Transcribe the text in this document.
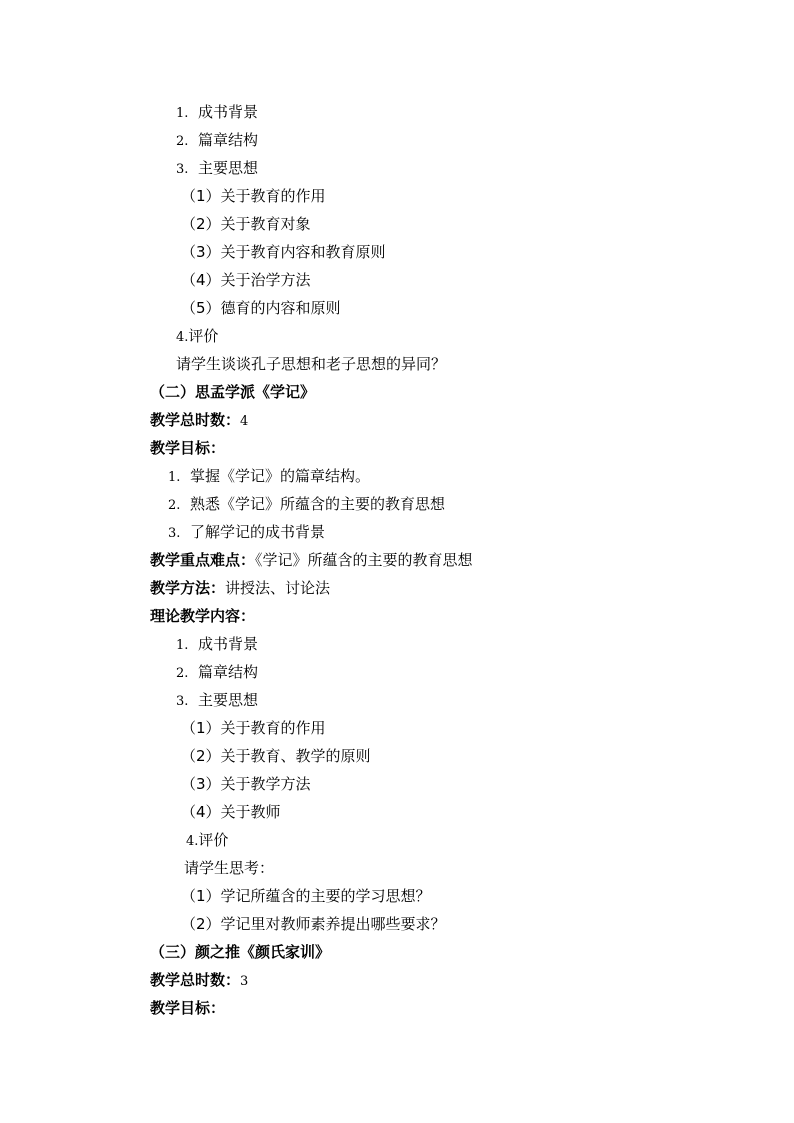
1. 成书背景
2. 篇章结构
3. 主要思想
（1）关于教育的作用
（2）关于教育对象
（3）关于教育内容和教育原则
（4）关于治学方法
（5）德育的内容和原则
4.评价
请学生谈谈孔子思想和老子思想的异同？
（二）思孟学派《学记》
教学总时数：4
教学目标：
1. 掌握《学记》的篇章结构。
2. 熟悉《学记》所蕴含的主要的教育思想
3. 了解学记的成书背景
教学重点难点：《学记》所蕴含的主要的教育思想
教学方法：讲授法、讨论法
理论教学内容：
1. 成书背景
2. 篇章结构
3. 主要思想
（1）关于教育的作用
（2）关于教育、教学的原则
（3）关于教学方法
（4）关于教师
4.评价
请学生思考：
（1）学记所蕴含的主要的学习思想？
（2）学记里对教师素养提出哪些要求？
（三）颜之推《颜氏家训》
教学总时数：3
教学目标：
